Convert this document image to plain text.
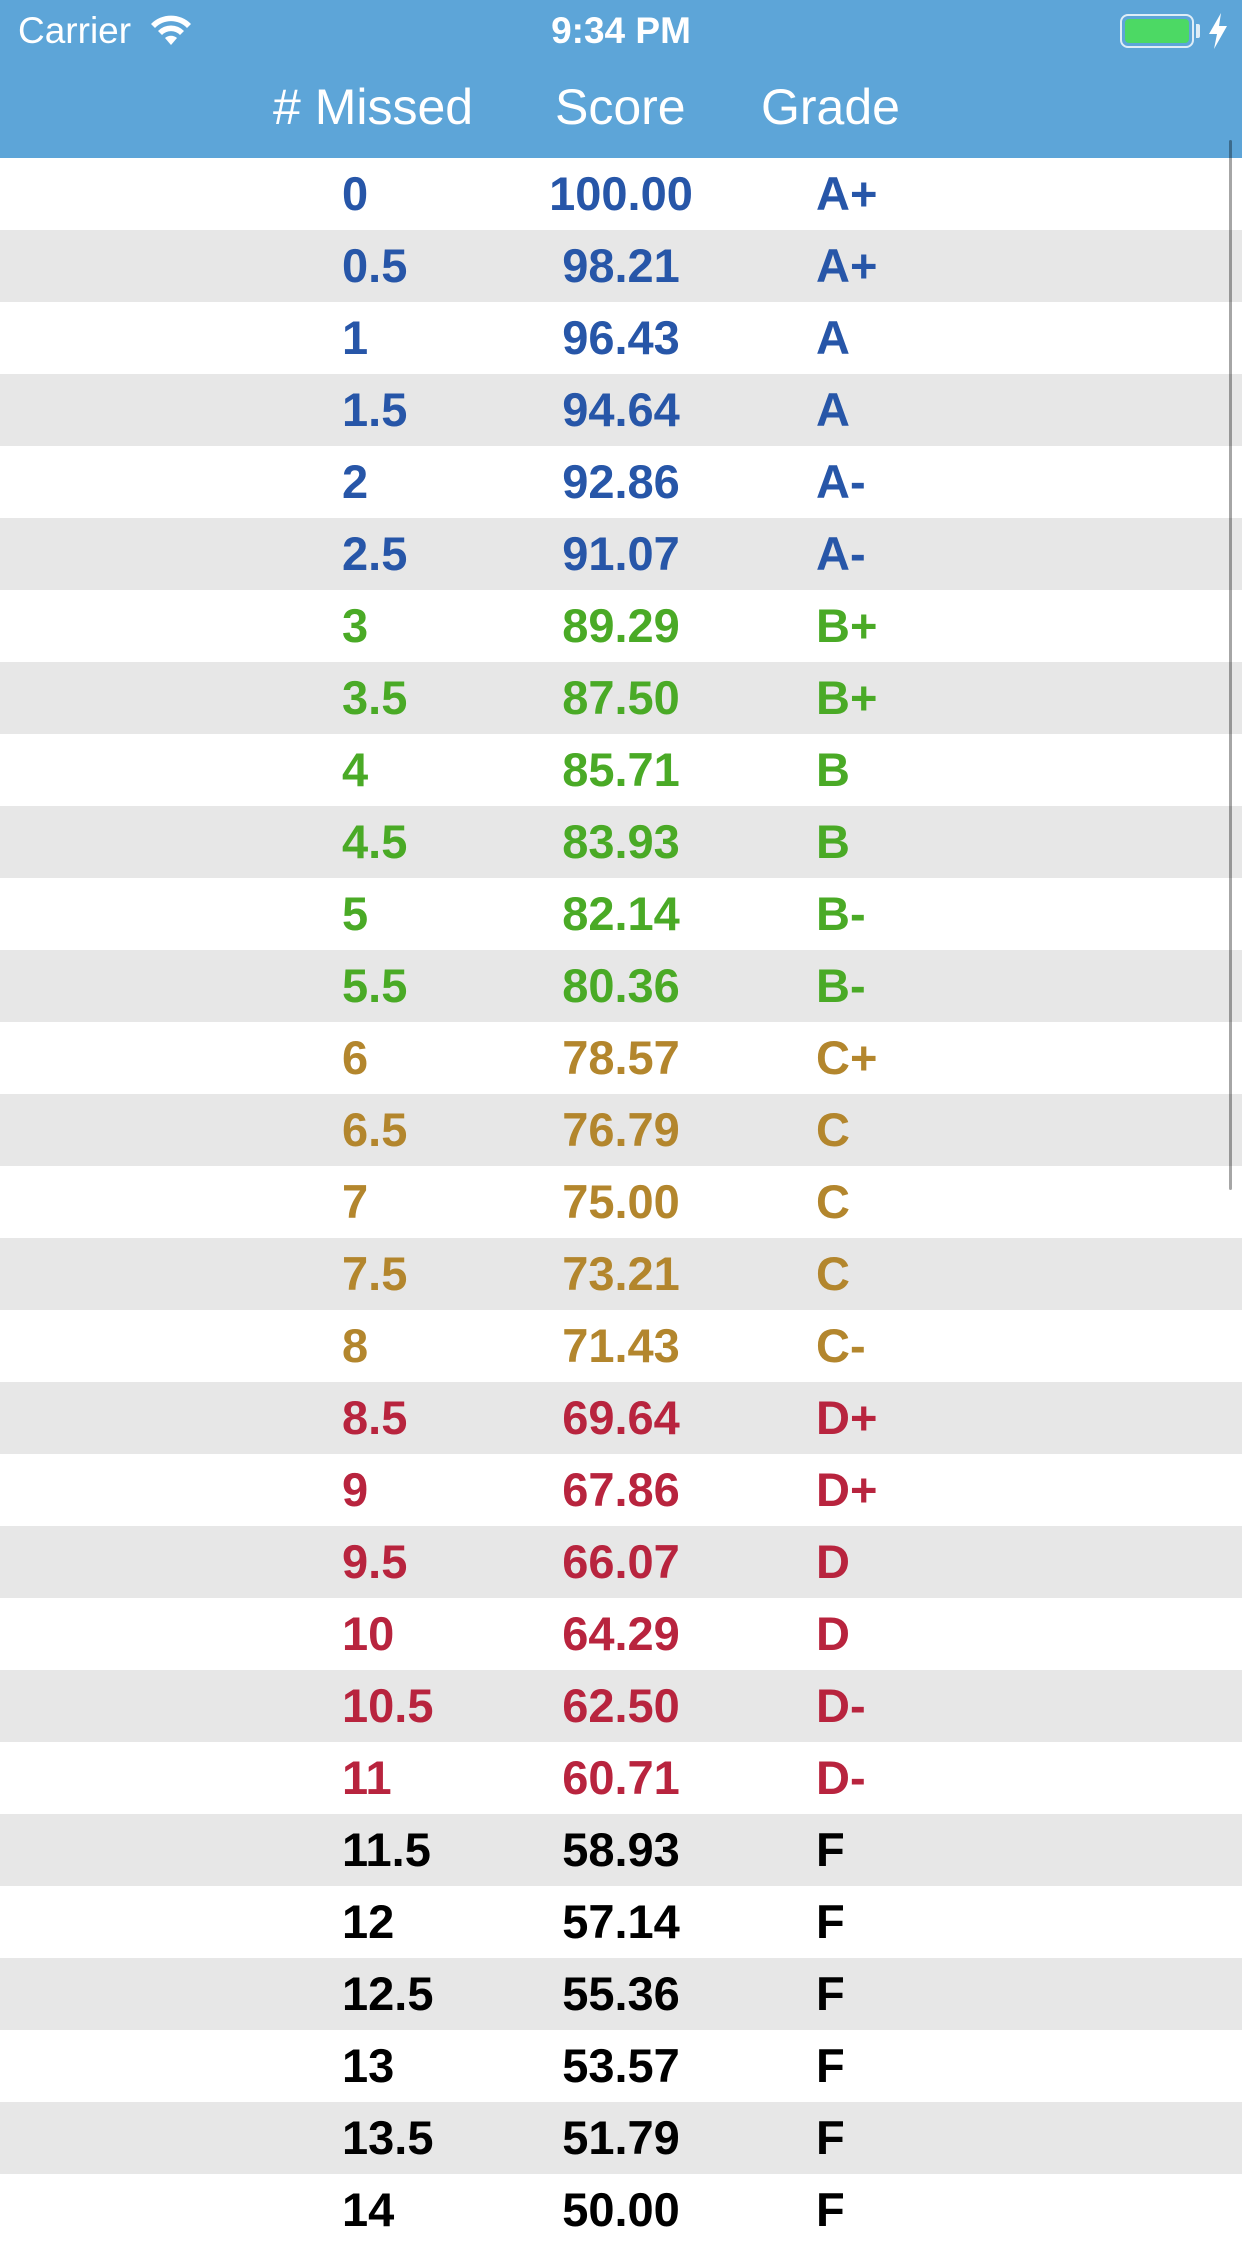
Carrier	9:34 PM
# Missed Score Grade
0	100.00	A+
0.5	98.21	A+
1	96.43	A
1.5	94.64	A
2	92.86	A-
2.5	91.07	A-
3	89.29	B+
3.5	87.50	B+
4	85.71	B
4.5	83.93	B
5	82.14	B-
5.5	80.36	B-
6	78.57	C+
6.5	76.79	C
7	75.00	C
7.5	73.21	C
8	71.43	C-
8.5	69.64	D+
9	67.86	D+
9.5	66.07	D
10	64.29	D
10.5	62.50	D-
11	60.71	D-
11.5	58.93	F
12	57.14	F
12.5	55.36	F
13	53.57	F
13.5	51.79	F
14	50.00	F
